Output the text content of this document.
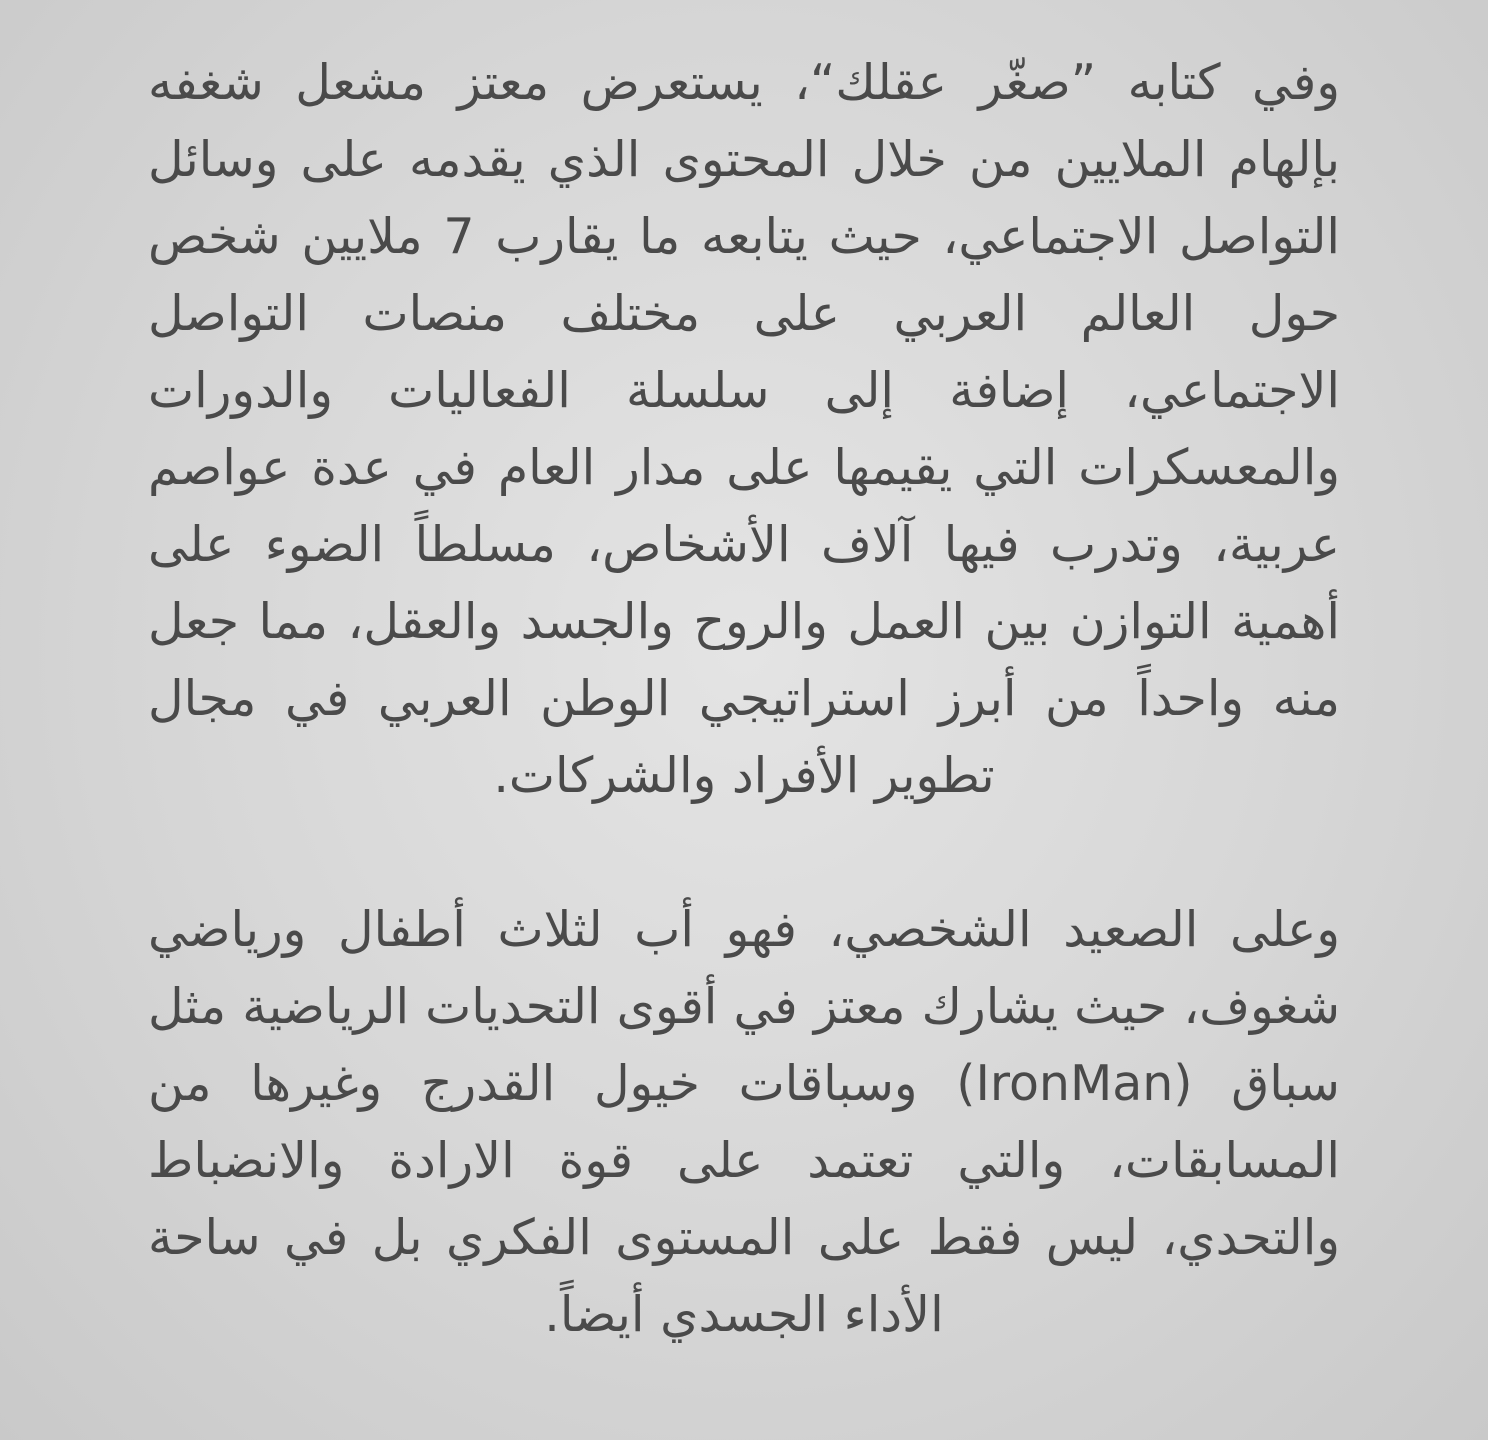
وفي كتابه ”صغّر عقلك“، يستعرض معتز مشعل شغفه بإلهام الملايين من خلال المحتوى الذي يقدمه على وسائل التواصل الاجتماعي، حيث يتابعه ما يقارب 7 ملايين شخص حول العالم العربي على مختلف منصات التواصل الاجتماعي، إضافة إلى سلسلة الفعاليات والدورات والمعسكرات التي يقيمها على مدار العام في عدة عواصم عربية، وتدرب فيها آلاف الأشخاص، مسلطاً الضوء على أهمية التوازن بين العمل والروح والجسد والعقل، مما جعل منه واحداً من أبرز استراتيجي الوطن العربي في مجال تطوير الأفراد والشركات.

وعلى الصعيد الشخصي، فهو أب لثلاث أطفال ورياضي شغوف، حيث يشارك معتز في أقوى التحديات الرياضية مثل سباق (IronMan) وسباقات خيول القدرج وغيرها من المسابقات، والتي تعتمد على قوة الارادة والانضباط والتحدي، ليس فقط على المستوى الفكري بل في ساحة الأداء الجسدي أيضاً.
